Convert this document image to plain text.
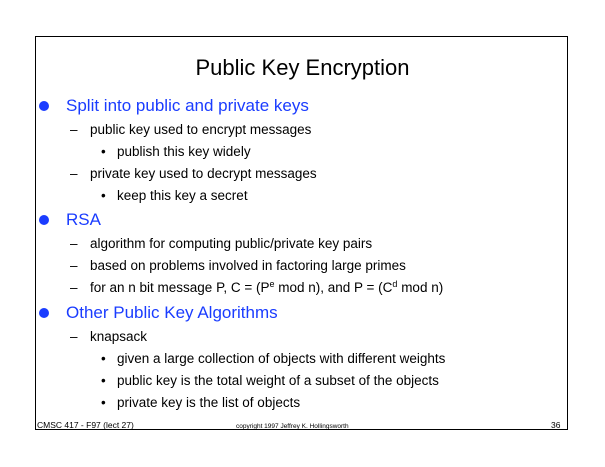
Public Key Encryption
Split into public and private keys
– public key used to encrypt messages
• publish this key widely
– private key used to decrypt messages
• keep this key a secret
RSA
– algorithm for computing public/private key pairs
– based on problems involved in factoring large primes
– for an n bit message P, $C = (P^e$ mod n), and $P = (C^d$ mod n)
Other Public Key Algorithms
– knapsack
• given a large collection of objects with different weights
• public key is the total weight of a subset of the objects
• private key is the list of objects
CMSC 417 - F97 (lect 27)	copyright 1997 Jeffrey K. Hollingsworth	36
